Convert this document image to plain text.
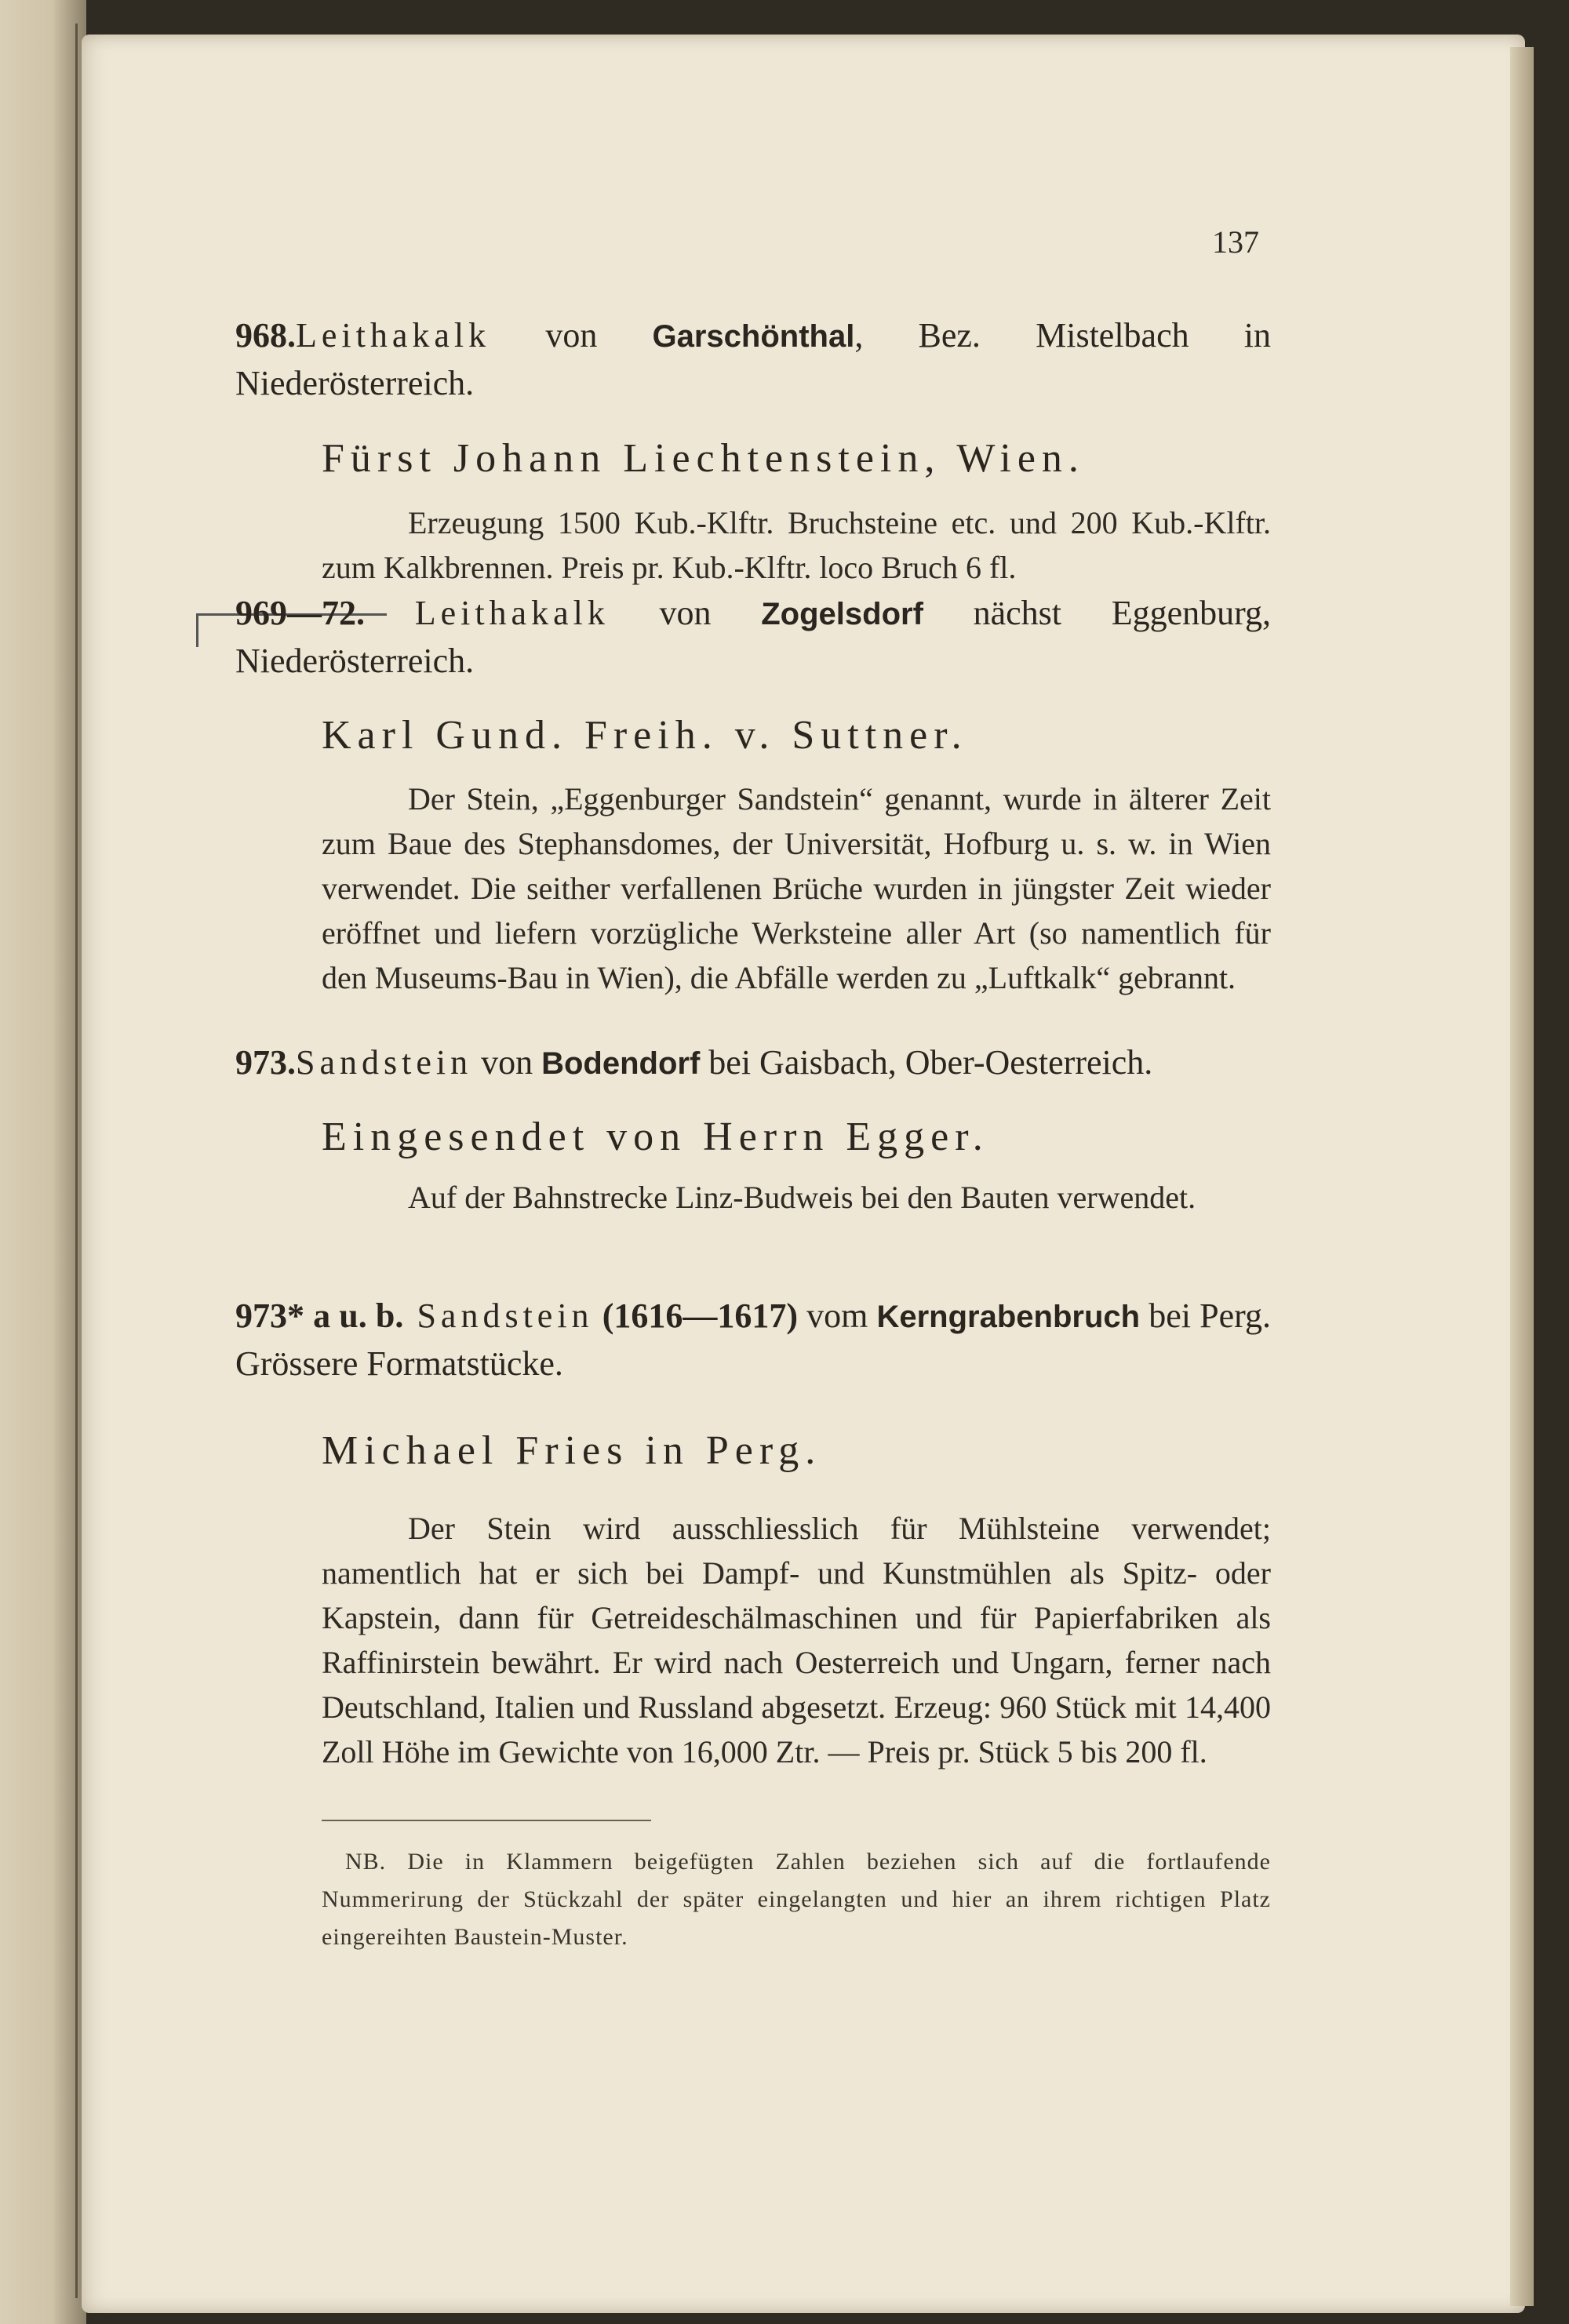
137
968.Leithakalk von Garschönthal, Bez. Mistelbach in Niederösterreich.
Fürst Johann Liechtenstein, Wien.
Erzeugung 1500 Kub.-Klftr. Bruchsteine etc. und 200 Kub.-Klftr. zum Kalkbrennen. Preis pr. Kub.-Klftr. loco Bruch 6 fl.
969—72. Leithakalk von Zogelsdorf nächst Eggenburg, Niederösterreich.
Karl Gund. Freih. v. Suttner.
Der Stein, „Eggenburger Sandstein“ genannt, wurde in älterer Zeit zum Baue des Stephansdomes, der Universität, Hofburg u. s. w. in Wien verwendet. Die seither verfallenen Brüche wurden in jüngster Zeit wieder eröffnet und liefern vorzügliche Werksteine aller Art (so namentlich für den Museums-Bau in Wien), die Abfälle werden zu „Luftkalk“ gebrannt.
973.Sandstein von Bodendorf bei Gaisbach, Ober-Oesterreich.
Eingesendet von Herrn Egger.
Auf der Bahnstrecke Linz-Budweis bei den Bauten verwendet.
973* a u. b. Sandstein (1616—1617) vom Kerngrabenbruch bei Perg. Grössere Formatstücke.
Michael Fries in Perg.
Der Stein wird ausschliesslich für Mühlsteine verwendet; namentlich hat er sich bei Dampf- und Kunstmühlen als Spitz- oder Kapstein, dann für Getreideschälmaschinen und für Papierfabriken als Raffinirstein bewährt. Er wird nach Oesterreich und Ungarn, ferner nach Deutschland, Italien und Russland abgesetzt. Erzeug: 960 Stück mit 14,400 Zoll Höhe im Gewichte von 16,000 Ztr. — Preis pr. Stück 5 bis 200 fl.
NB. Die in Klammern beigefügten Zahlen beziehen sich auf die fortlaufende Nummerirung der Stückzahl der später eingelangten und hier an ihrem richtigen Platz eingereihten Baustein-Muster.
